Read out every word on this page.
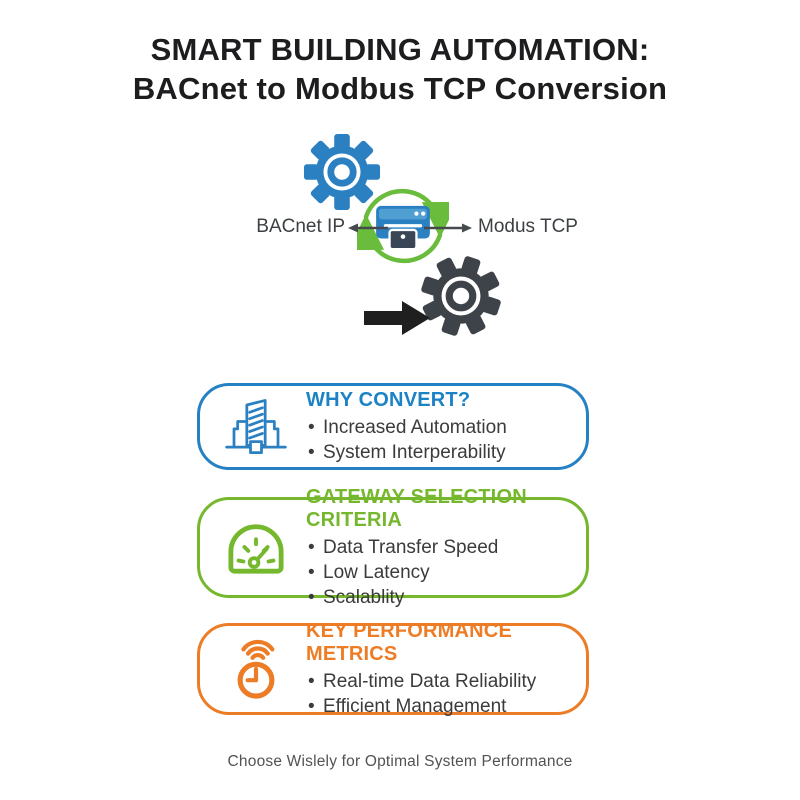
SMART BUILDING AUTOMATION:
BACnet to Modbus TCP Conversion
BACnet IP	Modus TCP
WHY CONVERT?
• Increased Automation
• System Interperability
GATEWAY SELECTION CRITERIA
• Data Transfer Speed
• Low Latency
• Scalablity
KEY PERFORMANCE METRICS
• Real-time Data Reliability
• Efficient Management
Choose Wislely for Optimal System Performance
